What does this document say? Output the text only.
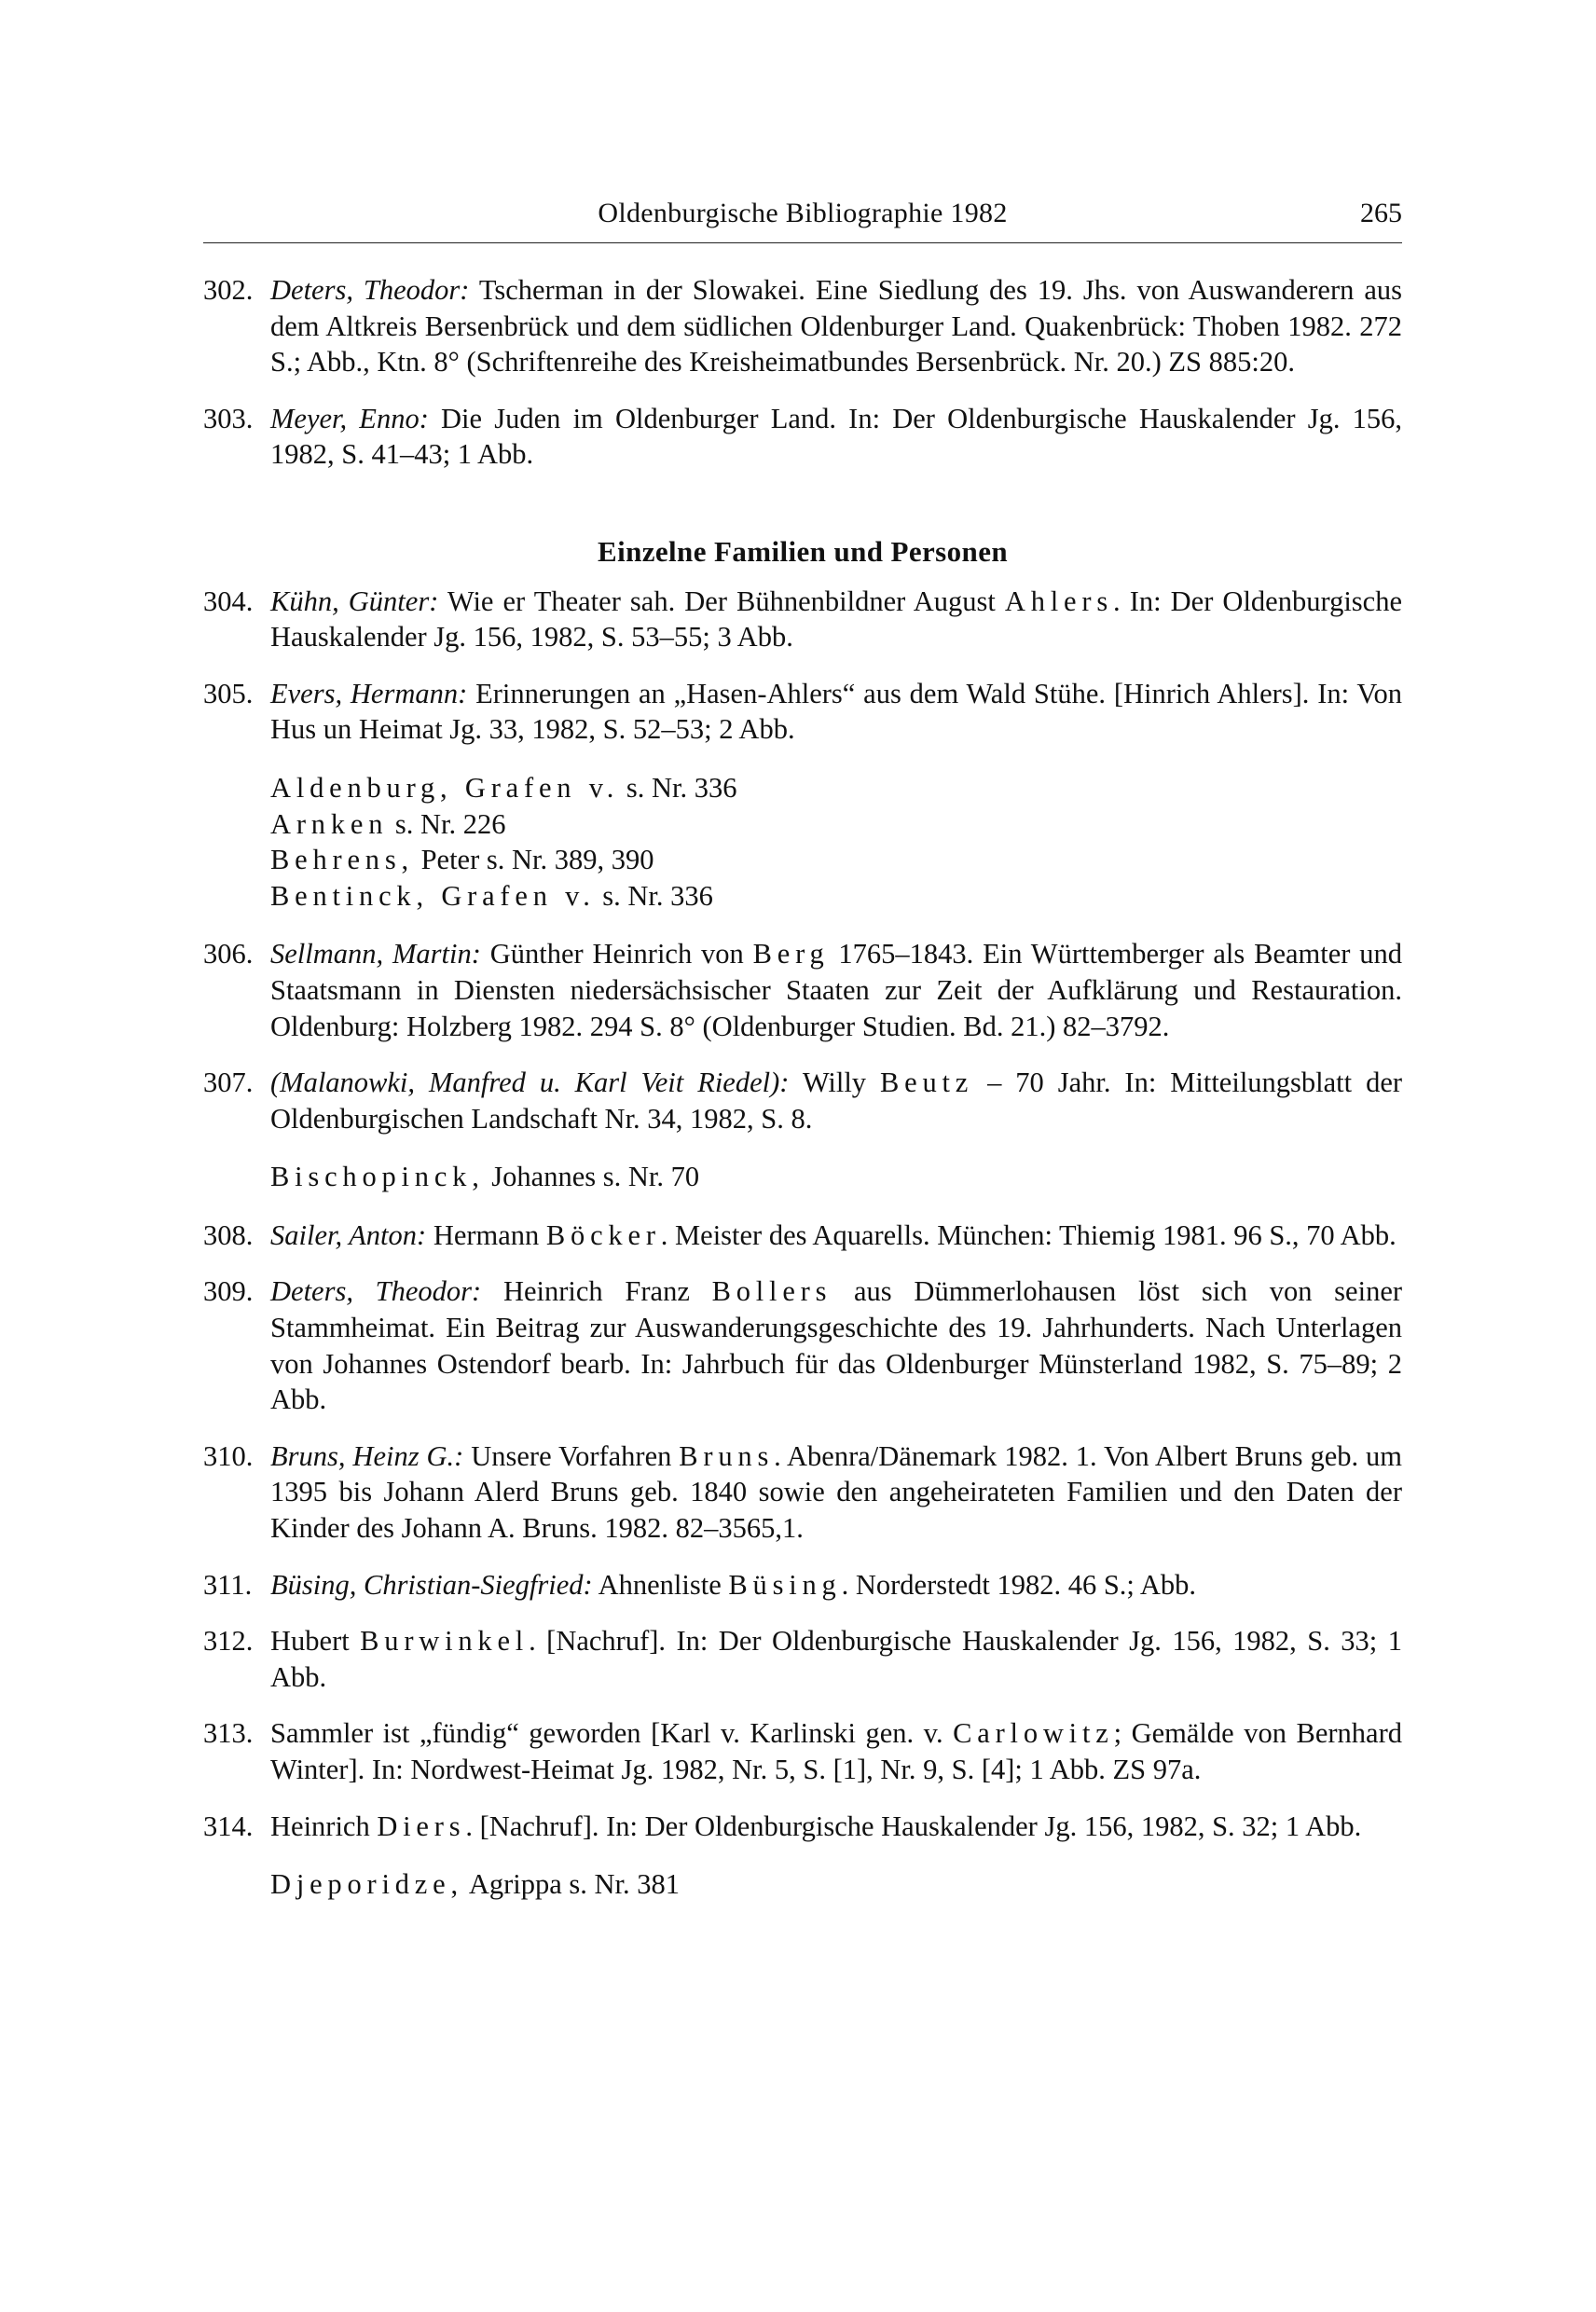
Oldenburgische Bibliographie 1982	265
302. Deters, Theodor: Tscherman in der Slowakei. Eine Siedlung des 19. Jhs. von Auswanderern aus dem Altkreis Bersenbrück und dem südlichen Oldenburger Land. Quakenbrück: Thoben 1982. 272 S.; Abb., Ktn. 8° (Schriftenreihe des Kreisheimatbundes Bersenbrück. Nr. 20.) ZS 885:20.
303. Meyer, Enno: Die Juden im Oldenburger Land. In: Der Oldenburgische Hauskalender Jg. 156, 1982, S. 41–43; 1 Abb.
Einzelne Familien und Personen
304. Kühn, Günter: Wie er Theater sah. Der Bühnenbildner August Ahlers. In: Der Oldenburgische Hauskalender Jg. 156, 1982, S. 53–55; 3 Abb.
305. Evers, Hermann: Erinnerungen an „Hasen-Ahlers“ aus dem Wald Stühe. [Hinrich Ahlers]. In: Von Hus un Heimat Jg. 33, 1982, S. 52–53; 2 Abb.
Aldenburg, Grafen v. s. Nr. 336
Arnken s. Nr. 226
Behrens, Peter s. Nr. 389, 390
Bentinck, Grafen v. s. Nr. 336
306. Sellmann, Martin: Günther Heinrich von Berg 1765–1843. Ein Württemberger als Beamter und Staatsmann in Diensten niedersächsischer Staaten zur Zeit der Aufklärung und Restauration. Oldenburg: Holzberg 1982. 294 S. 8° (Oldenburger Studien. Bd. 21.) 82–3792.
307. (Malanowki, Manfred u. Karl Veit Riedel): Willy Beutz – 70 Jahr. In: Mitteilungsblatt der Oldenburgischen Landschaft Nr. 34, 1982, S. 8.
Bischopinck, Johannes s. Nr. 70
308. Sailer, Anton: Hermann Böcker. Meister des Aquarells. München: Thiemig 1981. 96 S., 70 Abb.
309. Deters, Theodor: Heinrich Franz Bollers aus Dümmerlohausen löst sich von seiner Stammheimat. Ein Beitrag zur Auswanderungsgeschichte des 19. Jahrhunderts. Nach Unterlagen von Johannes Ostendorf bearb. In: Jahrbuch für das Oldenburger Münsterland 1982, S. 75–89; 2 Abb.
310. Bruns, Heinz G.: Unsere Vorfahren Bruns. Abenra/Dänemark 1982. 1. Von Albert Bruns geb. um 1395 bis Johann Alerd Bruns geb. 1840 sowie den angeheirateten Familien und den Daten der Kinder des Johann A. Bruns. 1982. 82–3565,1.
311. Büsing, Christian-Siegfried: Ahnenliste Büsing. Norderstedt 1982. 46 S.; Abb.
312. Hubert Burwinkel. [Nachruf]. In: Der Oldenburgische Hauskalender Jg. 156, 1982, S. 33; 1 Abb.
313. Sammler ist „fündig“ geworden [Karl v. Karlinski gen. v. Carlowitz; Gemälde von Bernhard Winter]. In: Nordwest-Heimat Jg. 1982, Nr. 5, S. [1], Nr. 9, S. [4]; 1 Abb. ZS 97a.
314. Heinrich Diers. [Nachruf]. In: Der Oldenburgische Hauskalender Jg. 156, 1982, S. 32; 1 Abb.
Djeporidze, Agrippa s. Nr. 381
